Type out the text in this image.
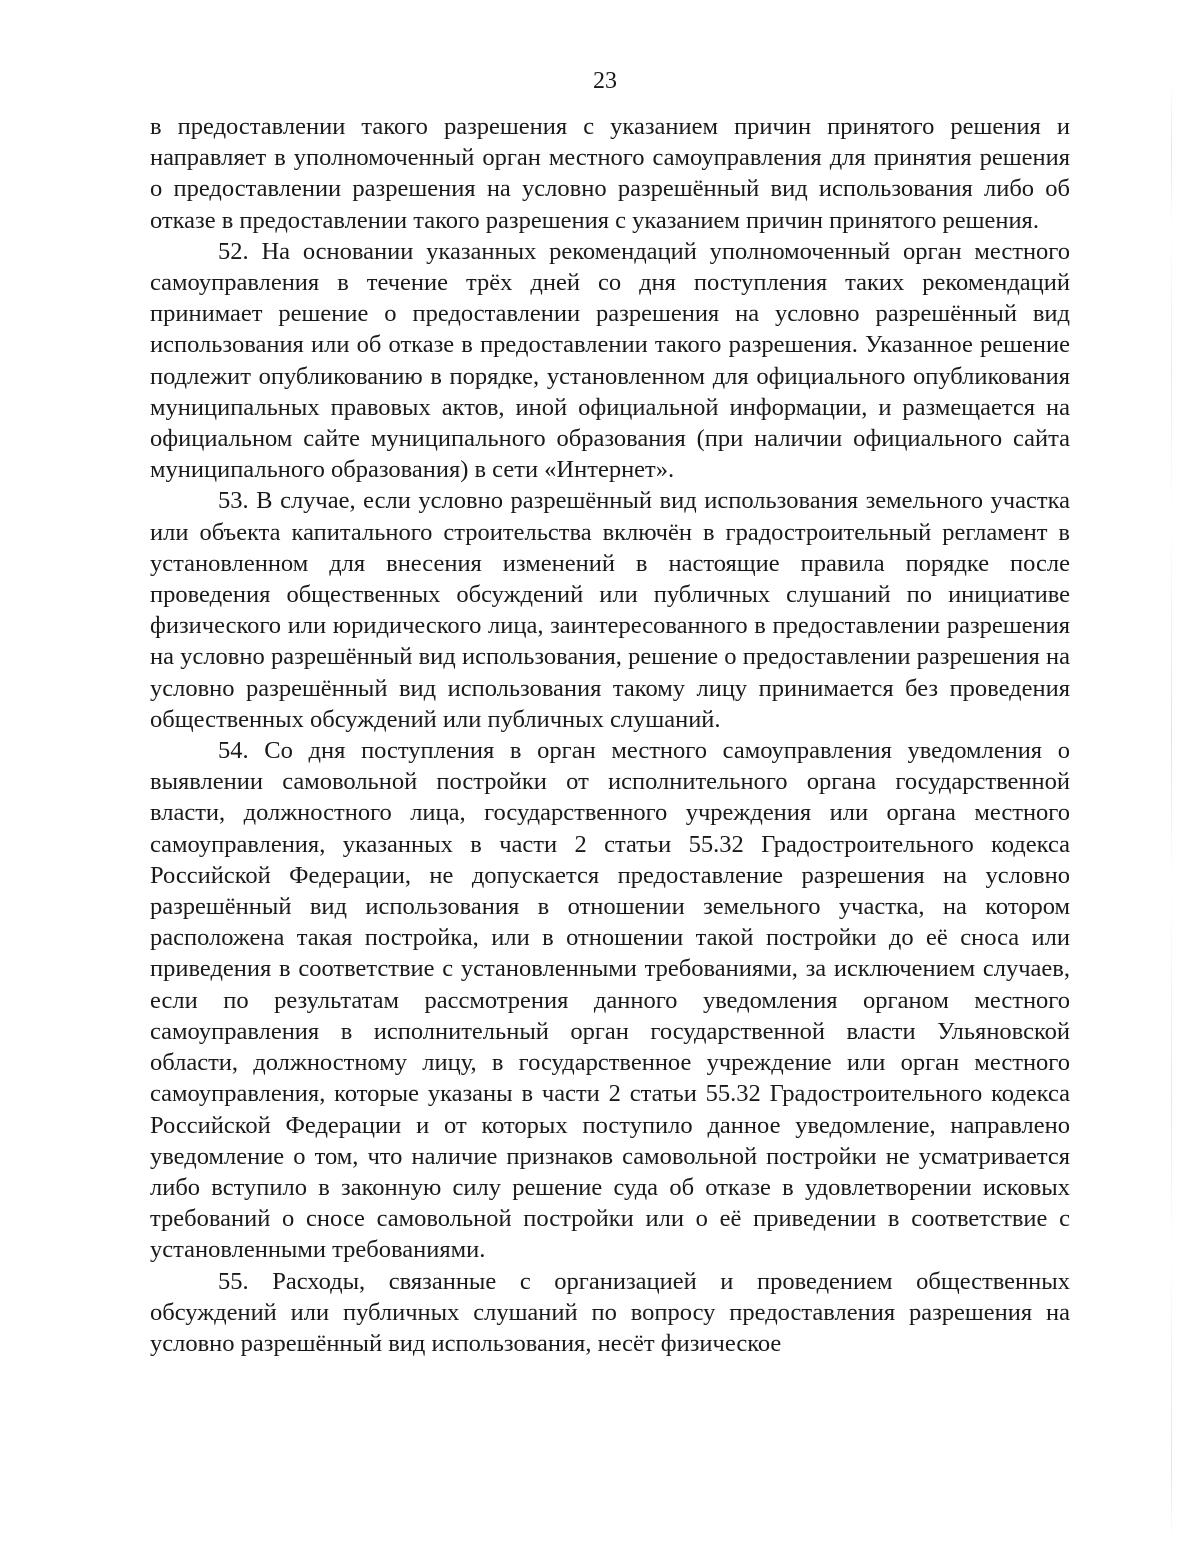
23

в предоставлении такого разрешения с указанием причин принятого решения и направляет в уполномоченный орган местного самоуправления для принятия решения о предоставлении разрешения на условно разрешённый вид использования либо об отказе в предоставлении такого разрешения с указанием причин принятого решения.

52. На основании указанных рекомендаций уполномоченный орган местного самоуправления в течение трёх дней со дня поступления таких рекомендаций принимает решение о предоставлении разрешения на условно разрешённый вид использования или об отказе в предоставлении такого разрешения. Указанное решение подлежит опубликованию в порядке, установленном для официального опубликования муниципальных правовых актов, иной официальной информации, и размещается на официальном сайте муниципального образования (при наличии официального сайта муниципального образования) в сети «Интернет».

53. В случае, если условно разрешённый вид использования земельного участка или объекта капитального строительства включён в градостроительный регламент в установленном для внесения изменений в настоящие правила порядке после проведения общественных обсуждений или публичных слушаний по инициативе физического или юридического лица, заинтересованного в предоставлении разрешения на условно разрешённый вид использования, решение о предоставлении разрешения на условно разрешённый вид использования такому лицу принимается без проведения общественных обсуждений или публичных слушаний.

54. Со дня поступления в орган местного самоуправления уведомления о выявлении самовольной постройки от исполнительного органа государственной власти, должностного лица, государственного учреждения или органа местного самоуправления, указанных в части 2 статьи 55.32 Градостроительного кодекса Российской Федерации, не допускается предоставление разрешения на условно разрешённый вид использования в отношении земельного участка, на котором расположена такая постройка, или в отношении такой постройки до её сноса или приведения в соответствие с установленными требованиями, за исключением случаев, если по результатам рассмотрения данного уведомления органом местного самоуправления в исполнительный орган государственной власти Ульяновской области, должностному лицу, в государственное учреждение или орган местного самоуправления, которые указаны в части 2 статьи 55.32 Градостроительного кодекса Российской Федерации и от которых поступило данное уведомление, направлено уведомление о том, что наличие признаков самовольной постройки не усматривается либо вступило в законную силу решение суда об отказе в удовлетворении исковых требований о сносе самовольной постройки или о её приведении в соответствие с установленными требованиями.

55. Расходы, связанные с организацией и проведением общественных обсуждений или публичных слушаний по вопросу предоставления разрешения на условно разрешённый вид использования, несёт физическое
